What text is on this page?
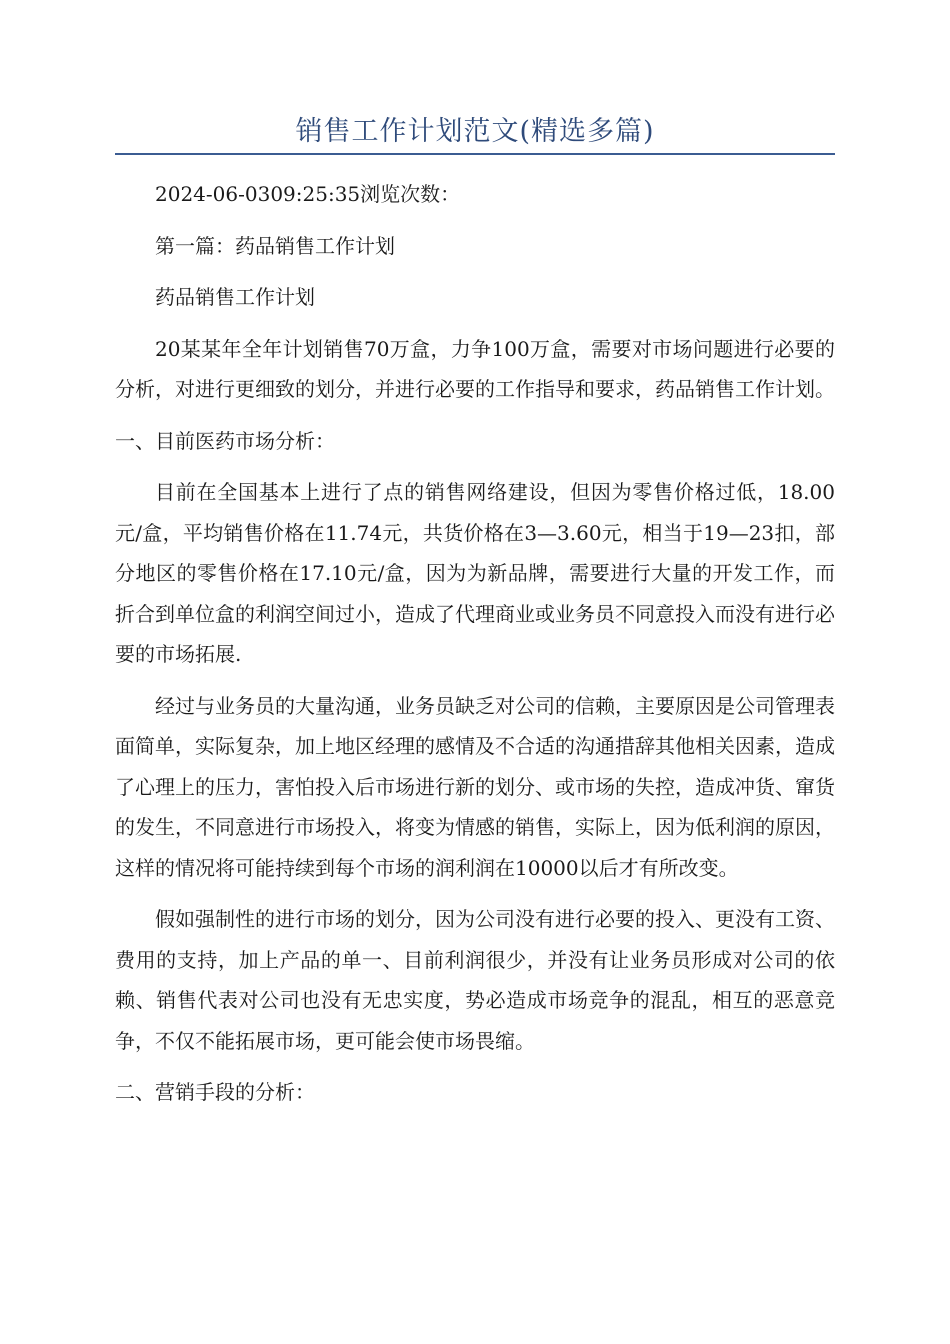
销售工作计划范文(精选多篇)

2024-06-0309:25:35浏览次数：

第一篇：药品销售工作计划

药品销售工作计划

20某某年全年计划销售70万盒，力争100万盒，需要对市场问题进行必要的分析，对进行更细致的划分，并进行必要的工作指导和要求，药品销售工作计划。

一、目前医药市场分析：

目前在全国基本上进行了点的销售网络建设，但因为零售价格过低，18.00元/盒，平均销售价格在11.74元，共货价格在3—3.60元，相当于19—23扣，部分地区的零售价格在17.10元/盒，因为为新品牌，需要进行大量的开发工作，而折合到单位盒的利润空间过小，造成了代理商业或业务员不同意投入而没有进行必要的市场拓展.

经过与业务员的大量沟通，业务员缺乏对公司的信赖，主要原因是公司管理表面简单，实际复杂，加上地区经理的感情及不合适的沟通措辞其他相关因素，造成了心理上的压力，害怕投入后市场进行新的划分、或市场的失控，造成冲货、窜货的发生，不同意进行市场投入，将变为情感的销售，实际上，因为低利润的原因，这样的情况将可能持续到每个市场的润利润在10000以后才有所改变。

假如强制性的进行市场的划分，因为公司没有进行必要的投入、更没有工资、费用的支持，加上产品的单一、目前利润很少，并没有让业务员形成对公司的依赖、销售代表对公司也没有无忠实度，势必造成市场竞争的混乱，相互的恶意竞争，不仅不能拓展市场，更可能会使市场畏缩。

二、营销手段的分析：
